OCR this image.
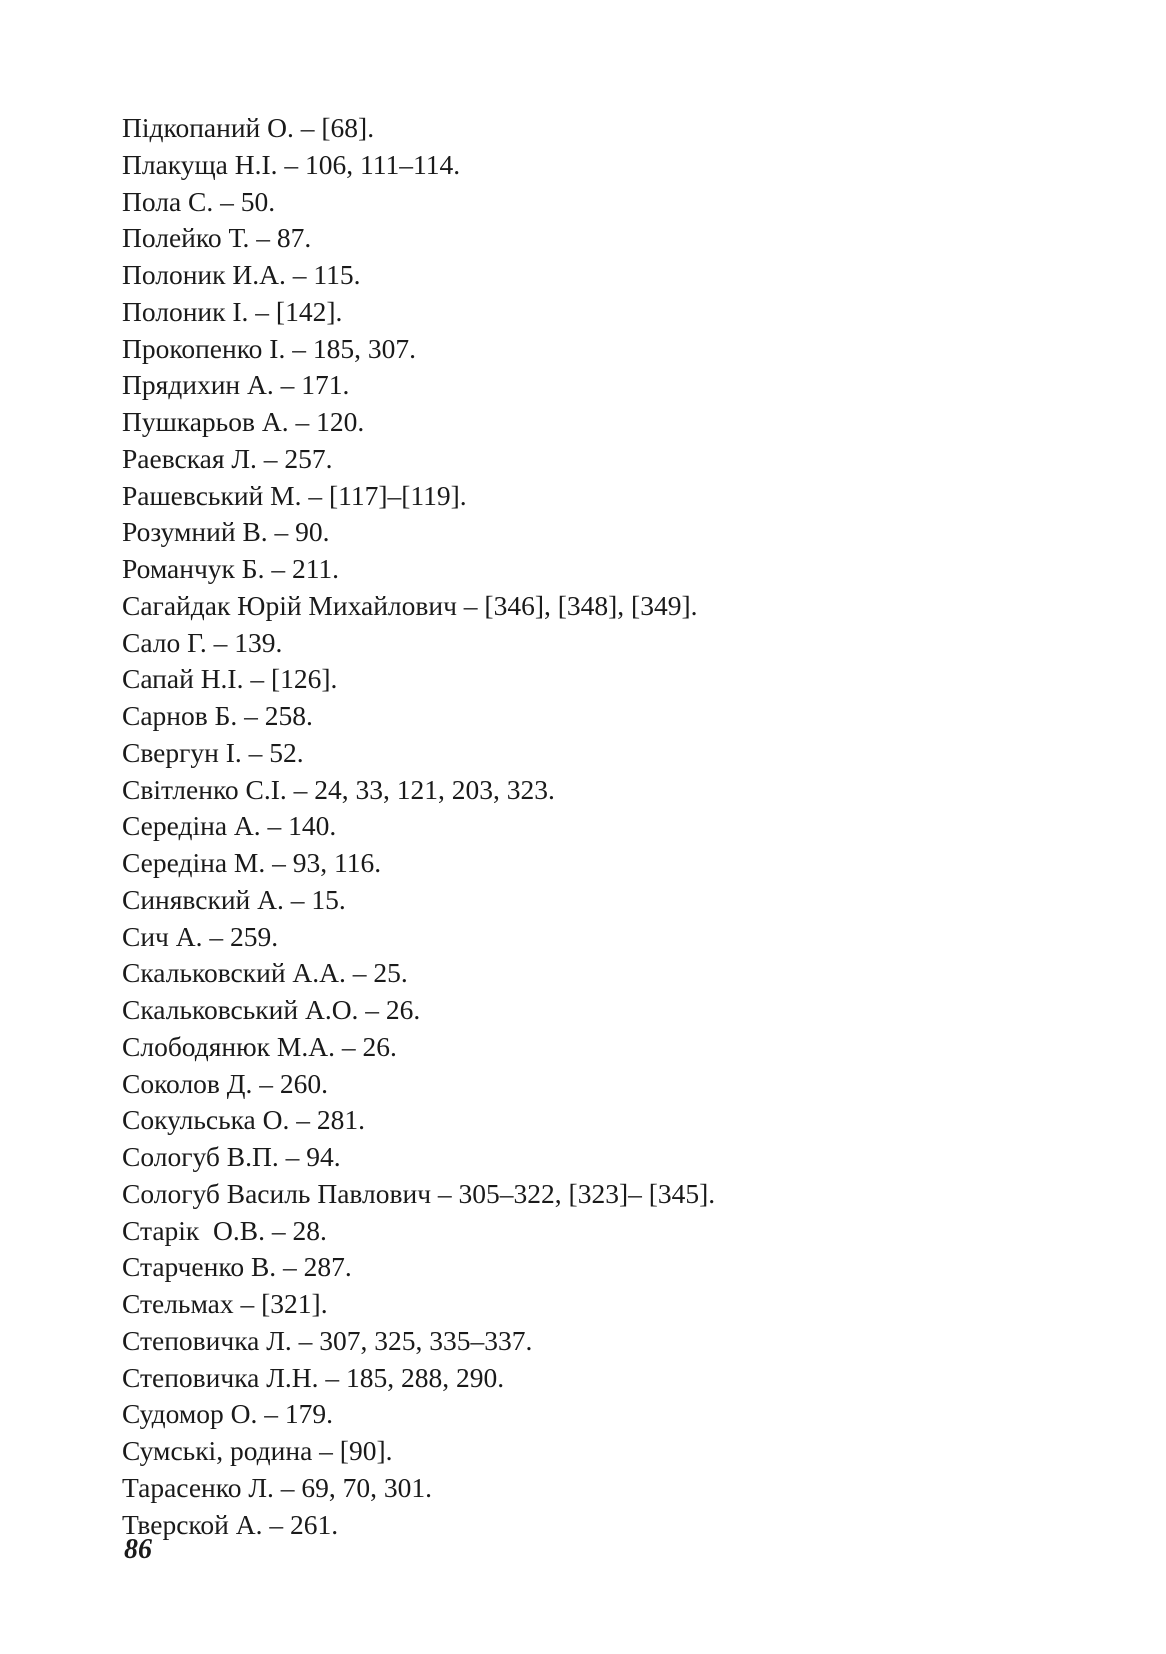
Підкопаний О. – [68].
Плакуща Н.І. – 106, 111–114.
Пола С. – 50.
Полейко Т. – 87.
Полоник И.А. – 115.
Полоник І. – [142].
Прокопенко І. – 185, 307.
Прядихин А. – 171.
Пушкарьов А. – 120.
Раевская Л. – 257.
Рашевський М. – [117]–[119].
Розумний В. – 90.
Романчук Б. – 211.
Сагайдак Юрій Михайлович – [346], [348], [349].
Сало Г. – 139.
Сапай Н.І. – [126].
Сарнов Б. – 258.
Свергун І. – 52.
Світленко С.І. – 24, 33, 121, 203, 323.
Середіна А. – 140.
Середіна М. – 93, 116.
Синявский А. – 15.
Сич А. – 259.
Скальковский А.А. – 25.
Скальковський А.О. – 26.
Слободянюк М.А. – 26.
Соколов Д. – 260.
Сокульська О. – 281.
Сологуб В.П. – 94.
Сологуб Василь Павлович – 305–322, [323]– [345].
Старік  О.В. – 28.
Старченко В. – 287.
Стельмах – [321].
Степовичка Л. – 307, 325, 335–337.
Степовичка Л.Н. – 185, 288, 290.
Судомор О. – 179.
Сумські, родина – [90].
Тарасенко Л. – 69, 70, 301.
Тверской А. – 261.
86
